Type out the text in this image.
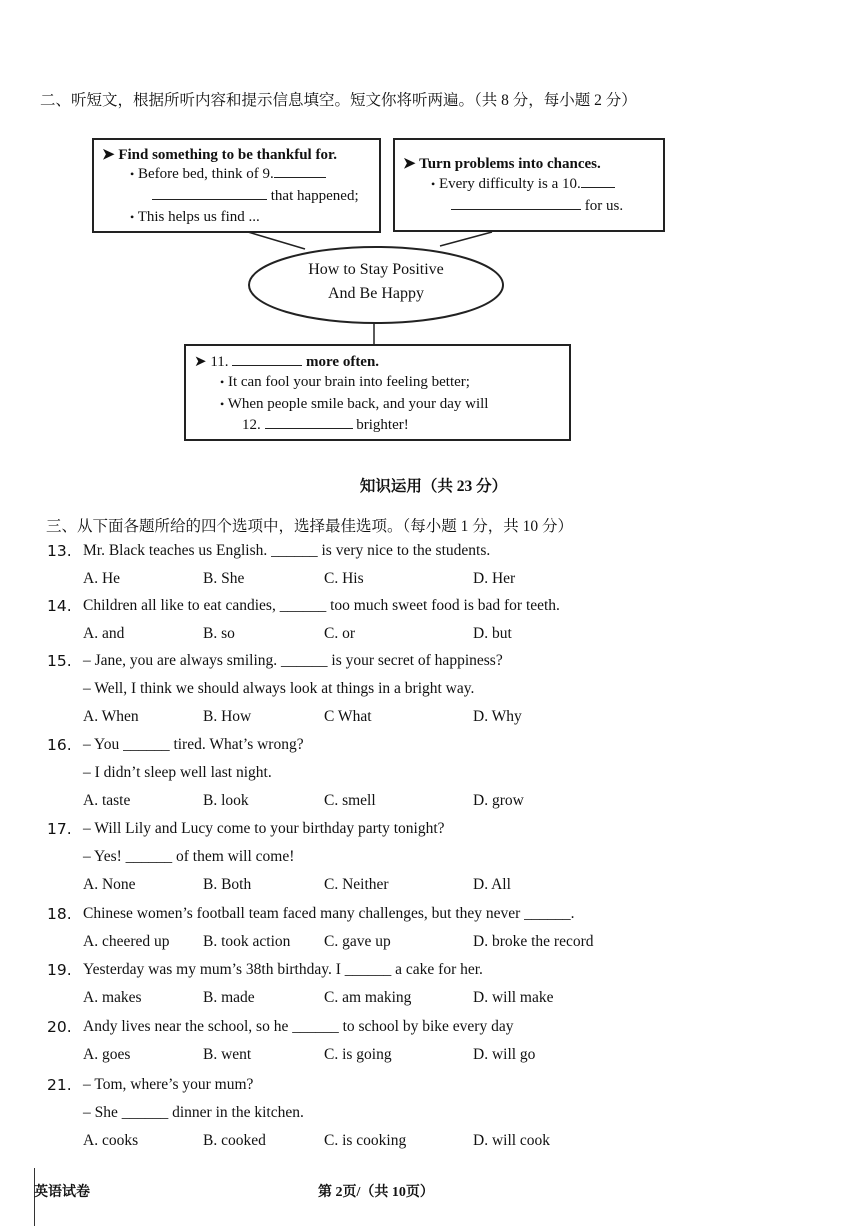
二、听短文，根据所听内容和提示信息填空。短文你将听两遍。（共 8 分，每小题 2 分）
➤ Find something to be thankful for.
• Before bed, think of 9.
that happened;
• This helps us find ...
➤ Turn problems into chances.
• Every difficulty is a 10.
for us.
How to Stay Positive
And Be Happy
➤ 11.	more often.
• It can fool your brain into feeling better;
• When people smile back, and your day will
12.	brighter!
知识运用（共 23 分）
三、从下面各题所给的四个选项中，选择最佳选项。（每小题 1 分，共 10 分）
13. Mr. Black teaches us English. ______ is very nice to the students.
A. He	B. She	C. His	D. Her
14. Children all like to eat candies, ______ too much sweet food is bad for teeth.
A. and	B. so	C. or	D. but
15. – Jane, you are always smiling. ______ is your secret of happiness?
– Well, I think we should always look at things in a bright way.
A. When	B. How	C What	D. Why
16. – You ______ tired. What’s wrong?
– I didn’t sleep well last night.
A. taste	B. look	C. smell	D. grow
17. – Will Lily and Lucy come to your birthday party tonight?
– Yes! ______ of them will come!
A. None	B. Both	C. Neither	D. All
18. Chinese women’s football team faced many challenges, but they never ______.
A. cheered up B. took action C. gave up	D. broke the record
19. Yesterday was my mum’s 38th birthday. I ______ a cake for her.
A. makes	B. made	C. am making	D. will make
20. Andy lives near the school, so he ______ to school by bike every day
A. goes	B. went	C. is going	D. will go
21. – Tom, where’s your mum?
– She ______ dinner in the kitchen.
A. cooks	B. cooked	C. is cooking	D. will cook
英语试卷	第 2页/（共 10页）
